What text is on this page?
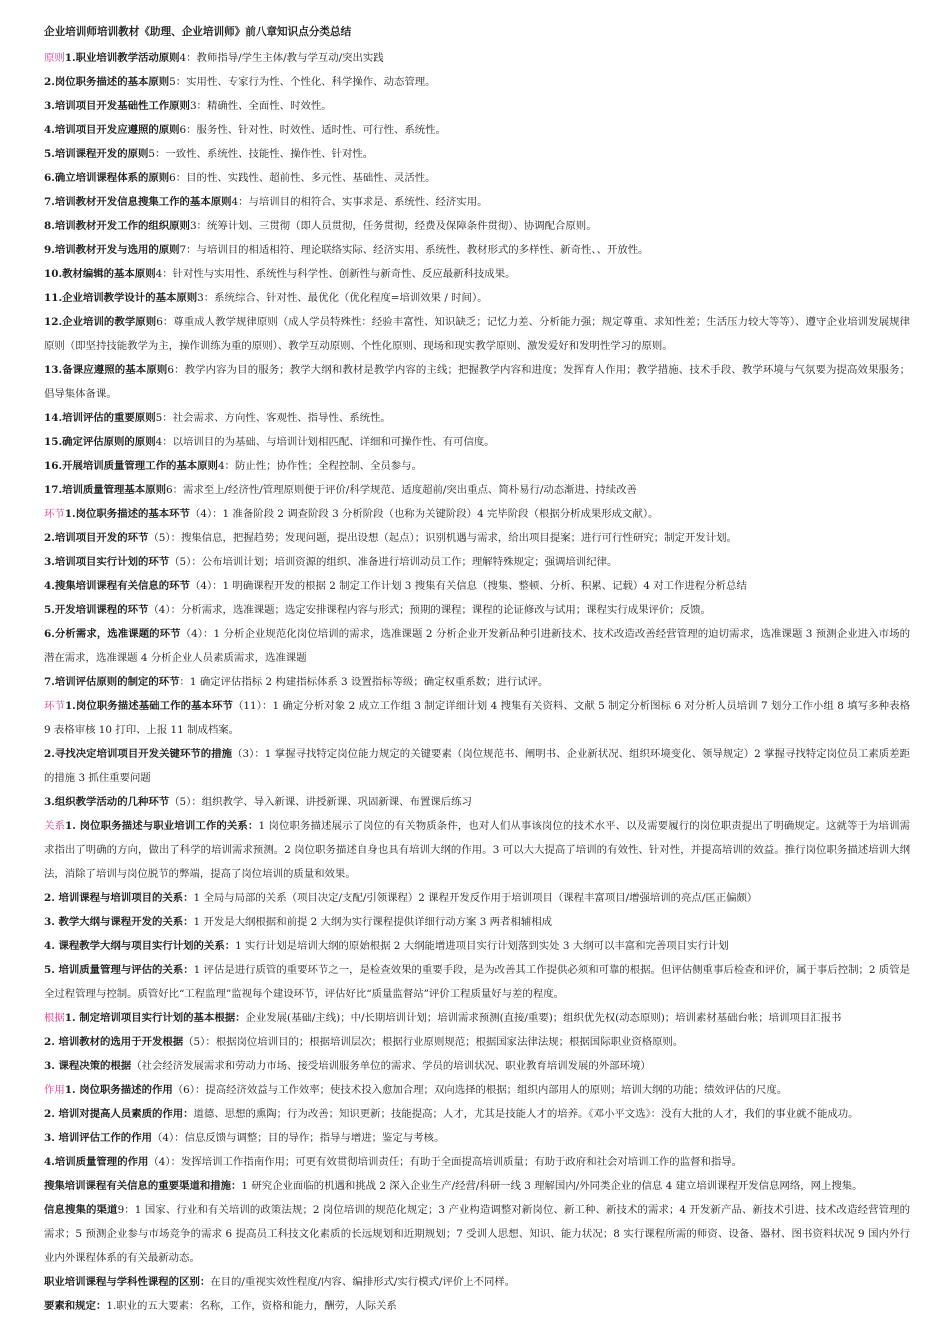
企业培训师培训教材《助理、企业培训师》前八章知识点分类总结
原则1.职业培训教学活动原则4：教师指导/学生主体/教与学互动/突出实践
2.岗位职务描述的基本原则5：实用性、专家行为性、个性化、科学操作、动态管理。
3.培训项目开发基础性工作原则3：精确性、全面性、时效性。
4.培训项目开发应遵照的原则6：服务性、针对性、时效性、适时性、可行性、系统性。
5.培训课程开发的原则5：一致性、系统性、技能性、操作性、针对性。
6.确立培训课程体系的原则6：目的性、实践性、超前性、多元性、基础性、灵活性。
7.培训教材开发信息搜集工作的基本原则4：与培训目的相符合、实事求是、系统性、经济实用。
8.培训教材开发工作的组织原则3：统筹计划、三贯彻（即人员贯彻，任务贯彻，经费及保障条件贯彻）、协调配合原则。
9.培训教材开发与选用的原则7：与培训目的相适相符、理论联络实际、经济实用、系统性、教材形式的多样性、新奇性、、开放性。
10.教材编辑的基本原则4：针对性与实用性、系统性与科学性、创新性与新奇性、反应最新科技成果。
11.企业培训教学设计的基本原则3：系统综合、针对性、最优化（优化程度=培训效果 / 时间）。
12.企业培训的教学原则6：尊重成人教学规律原则（成人学员特殊性：经验丰富性、知识缺乏；记忆力差、分析能力强；规定尊重、求知性差；生活压力较大等等）、遵守企业培训发展规律原则（即坚持技能教学为主，操作训练为重的原则）、教学互动原则、个性化原则、现场和现实教学原则、激发爱好和发明性学习的原则。
13.备课应遵照的基本原则6：教学内容为目的服务；教学大纲和教材是教学内容的主线；把握教学内容和进度；发挥育人作用；教学措施、技术手段、教学环境与气氛要为提高效果服务；倡导集体备课。
14.培训评估的重要原则5：社会需求、方向性、客观性、指导性、系统性。
15.确定评估原则的原则4：以培训目的为基础、与培训计划相匹配、详细和可操作性、有可信度。
16.开展培训质量管理工作的基本原则4：防止性；协作性；全程控制、全员参与。
17.培训质量管理基本原则6：需求至上/经济性/管理原则便于评价/科学规范、适度超前/突出重点、简朴易行/动态渐进、持续改善
环节1.岗位职务描述的基本环节（4）：1 准备阶段 2 调查阶段 3 分析阶段（也称为关键阶段）4 完毕阶段（根据分析成果形成文献）。
2.培训项目开发的环节（5）：搜集信息，把握趋势；发现问题，提出设想（起点）；识别机遇与需求，给出项目提案；进行可行性研究；制定开发计划。
3.培训项目实行计划的环节（5）：公布培训计划；培训资源的组织、准备进行培训动员工作；理解特殊规定；强调培训纪律。
4.搜集培训课程有关信息的环节（4）：1 明确课程开发的根据 2 制定工作计划 3 搜集有关信息（搜集、整顿、分析、积累、记载）4 对工作进程分析总结
5.开发培训课程的环节（4）：分析需求，选准课题；选定安排课程内容与形式；预期的课程；课程的论证修改与试用；课程实行成果评价；反馈。
6.分析需求，选准课题的环节（4）：1 分析企业规范化岗位培训的需求，选准课题 2 分析企业开发新品种引进新技术、技术改造改善经营管理的迫切需求，选准课题 3 预测企业进入市场的潜在需求，选准课题 4 分析企业人员素质需求，选准课题
7.培训评估原则的制定的环节：1 确定评估指标 2 构建指标体系 3 设置指标等级；确定权重系数；进行试评。
环节1.岗位职务描述基础工作的基本环节（11）：1 确定分析对象 2 成立工作组 3 制定详细计划 4 搜集有关资料、文献 5 制定分析图标 6 对分析人员培训 7 划分工作小组 8 填写多种表格 9 表格审核 10 打印、上报 11 制成档案。
2.寻找决定培训项目开发关键环节的措施（3）：1 掌握寻找特定岗位能力规定的关键要素（岗位规范书、阐明书、企业新状况、组织环境变化、领导规定）2 掌握寻找特定岗位员工素质差距的措施 3 抓住重要问题
3.组织教学活动的几种环节（5）：组织教学、导入新课、讲授新课、巩固新课、布置课后练习
关系1. 岗位职务描述与职业培训工作的关系：1 岗位职务描述展示了岗位的有关物质条件，也对人们从事该岗位的技术水平、以及需要履行的岗位职责提出了明确规定。这就等于为培训需求指出了明确的方向，做出了科学的培训需求预测。2 岗位职务描述自身也具有培训大纲的作用。3 可以大大提高了培训的有效性、针对性，并提高培训的效益。推行岗位职务描述培训大纲法，消除了培训与岗位脱节的弊端，提高了岗位培训的质量和效果。
2. 培训课程与培训项目的关系：1 全局与局部的关系（项目决定/支配/引领课程）2 课程开发反作用于培训项目（课程丰富项目/增强培训的亮点/匡正偏颇）
3. 教学大纲与课程开发的关系：1 开发是大纲根据和前提 2 大纲为实行课程提供详细行动方案 3 两者相辅相成
4. 课程教学大纲与项目实行计划的关系：1 实行计划是培训大纲的原始根据 2 大纲能增进项目实行计划落到实处 3 大纲可以丰富和完善项目实行计划
5. 培训质量管理与评估的关系：1 评估是进行质管的重要环节之一，是检查效果的重要手段，是为改善其工作提供必须和可靠的根据。但评估侧重事后检查和评价，属于事后控制；2 质管是全过程管理与控制。质管好比“工程监理”监视每个建设环节，评估好比“质量监督站”评价工程质量好与差的程度。
根据1. 制定培训项目实行计划的基本根据：企业发展(基础/主线)；中/长期培训计划；培训需求预测(直接/重要)；组织优先权(动态原则)；培训素材基础台帐；培训项目汇报书
2. 培训教材的选用于开发根据（5）：根据岗位培训目的；根据培训层次；根据行业原则规范；根据国家法律法规；根据国际职业资格原则。
3. 课程决策的根据（社会经济发展需求和劳动力市场、接受培训服务单位的需求、学员的培训状况、职业教育培训发展的外部环境）
作用1. 岗位职务描述的作用（6）：提高经济效益与工作效率；使技术投入愈加合理；双向选择的根据；组织内部用人的原则；培训大纲的功能；绩效评估的尺度。
2. 培训对提高人员素质的作用：道德、思想的熏陶；行为改善；知识更新；技能提高；人才，尤其是技能人才的培养。《邓小平文选》：没有大批的人才，我们的事业就不能成功。
3. 培训评估工作的作用（4）：信息反馈与调整；目的导作；指导与增进；鉴定与考核。
4.培训质量管理的作用（4）：发挥培训工作指南作用；可更有效贯彻培训责任；有助于全面提高培训质量；有助于政府和社会对培训工作的监督和指导。
搜集培训课程有关信息的重要渠道和措施：1 研究企业面临的机遇和挑战 2 深入企业生产/经营/科研一线 3 理解国内/外同类企业的信息 4 建立培训课程开发信息网络，网上搜集。
信息搜集的渠道9：1 国家、行业和有关培训的政策法规；2 岗位培训的规范化规定；3 产业构造调整对新岗位、新工种、新技术的需求；4 开发新产品、新技术引进、技术改造经营管理的需求；5 预测企业参与市场竞争的需求 6 提高员工科技文化素质的长远规划和近期规划；7 受训人思想、知识、能力状况；8 实行课程所需的师资、设备、器材、图书资料状况 9 国内外行业内外课程体系的有关最新动态。
职业培训课程与学科性课程的区别：在目的/重视实效性程度/内容、编排形式/实行模式/评价上不同样。
要素和规定：1.职业的五大要素：名称，工作，资格和能力，酬劳，人际关系
